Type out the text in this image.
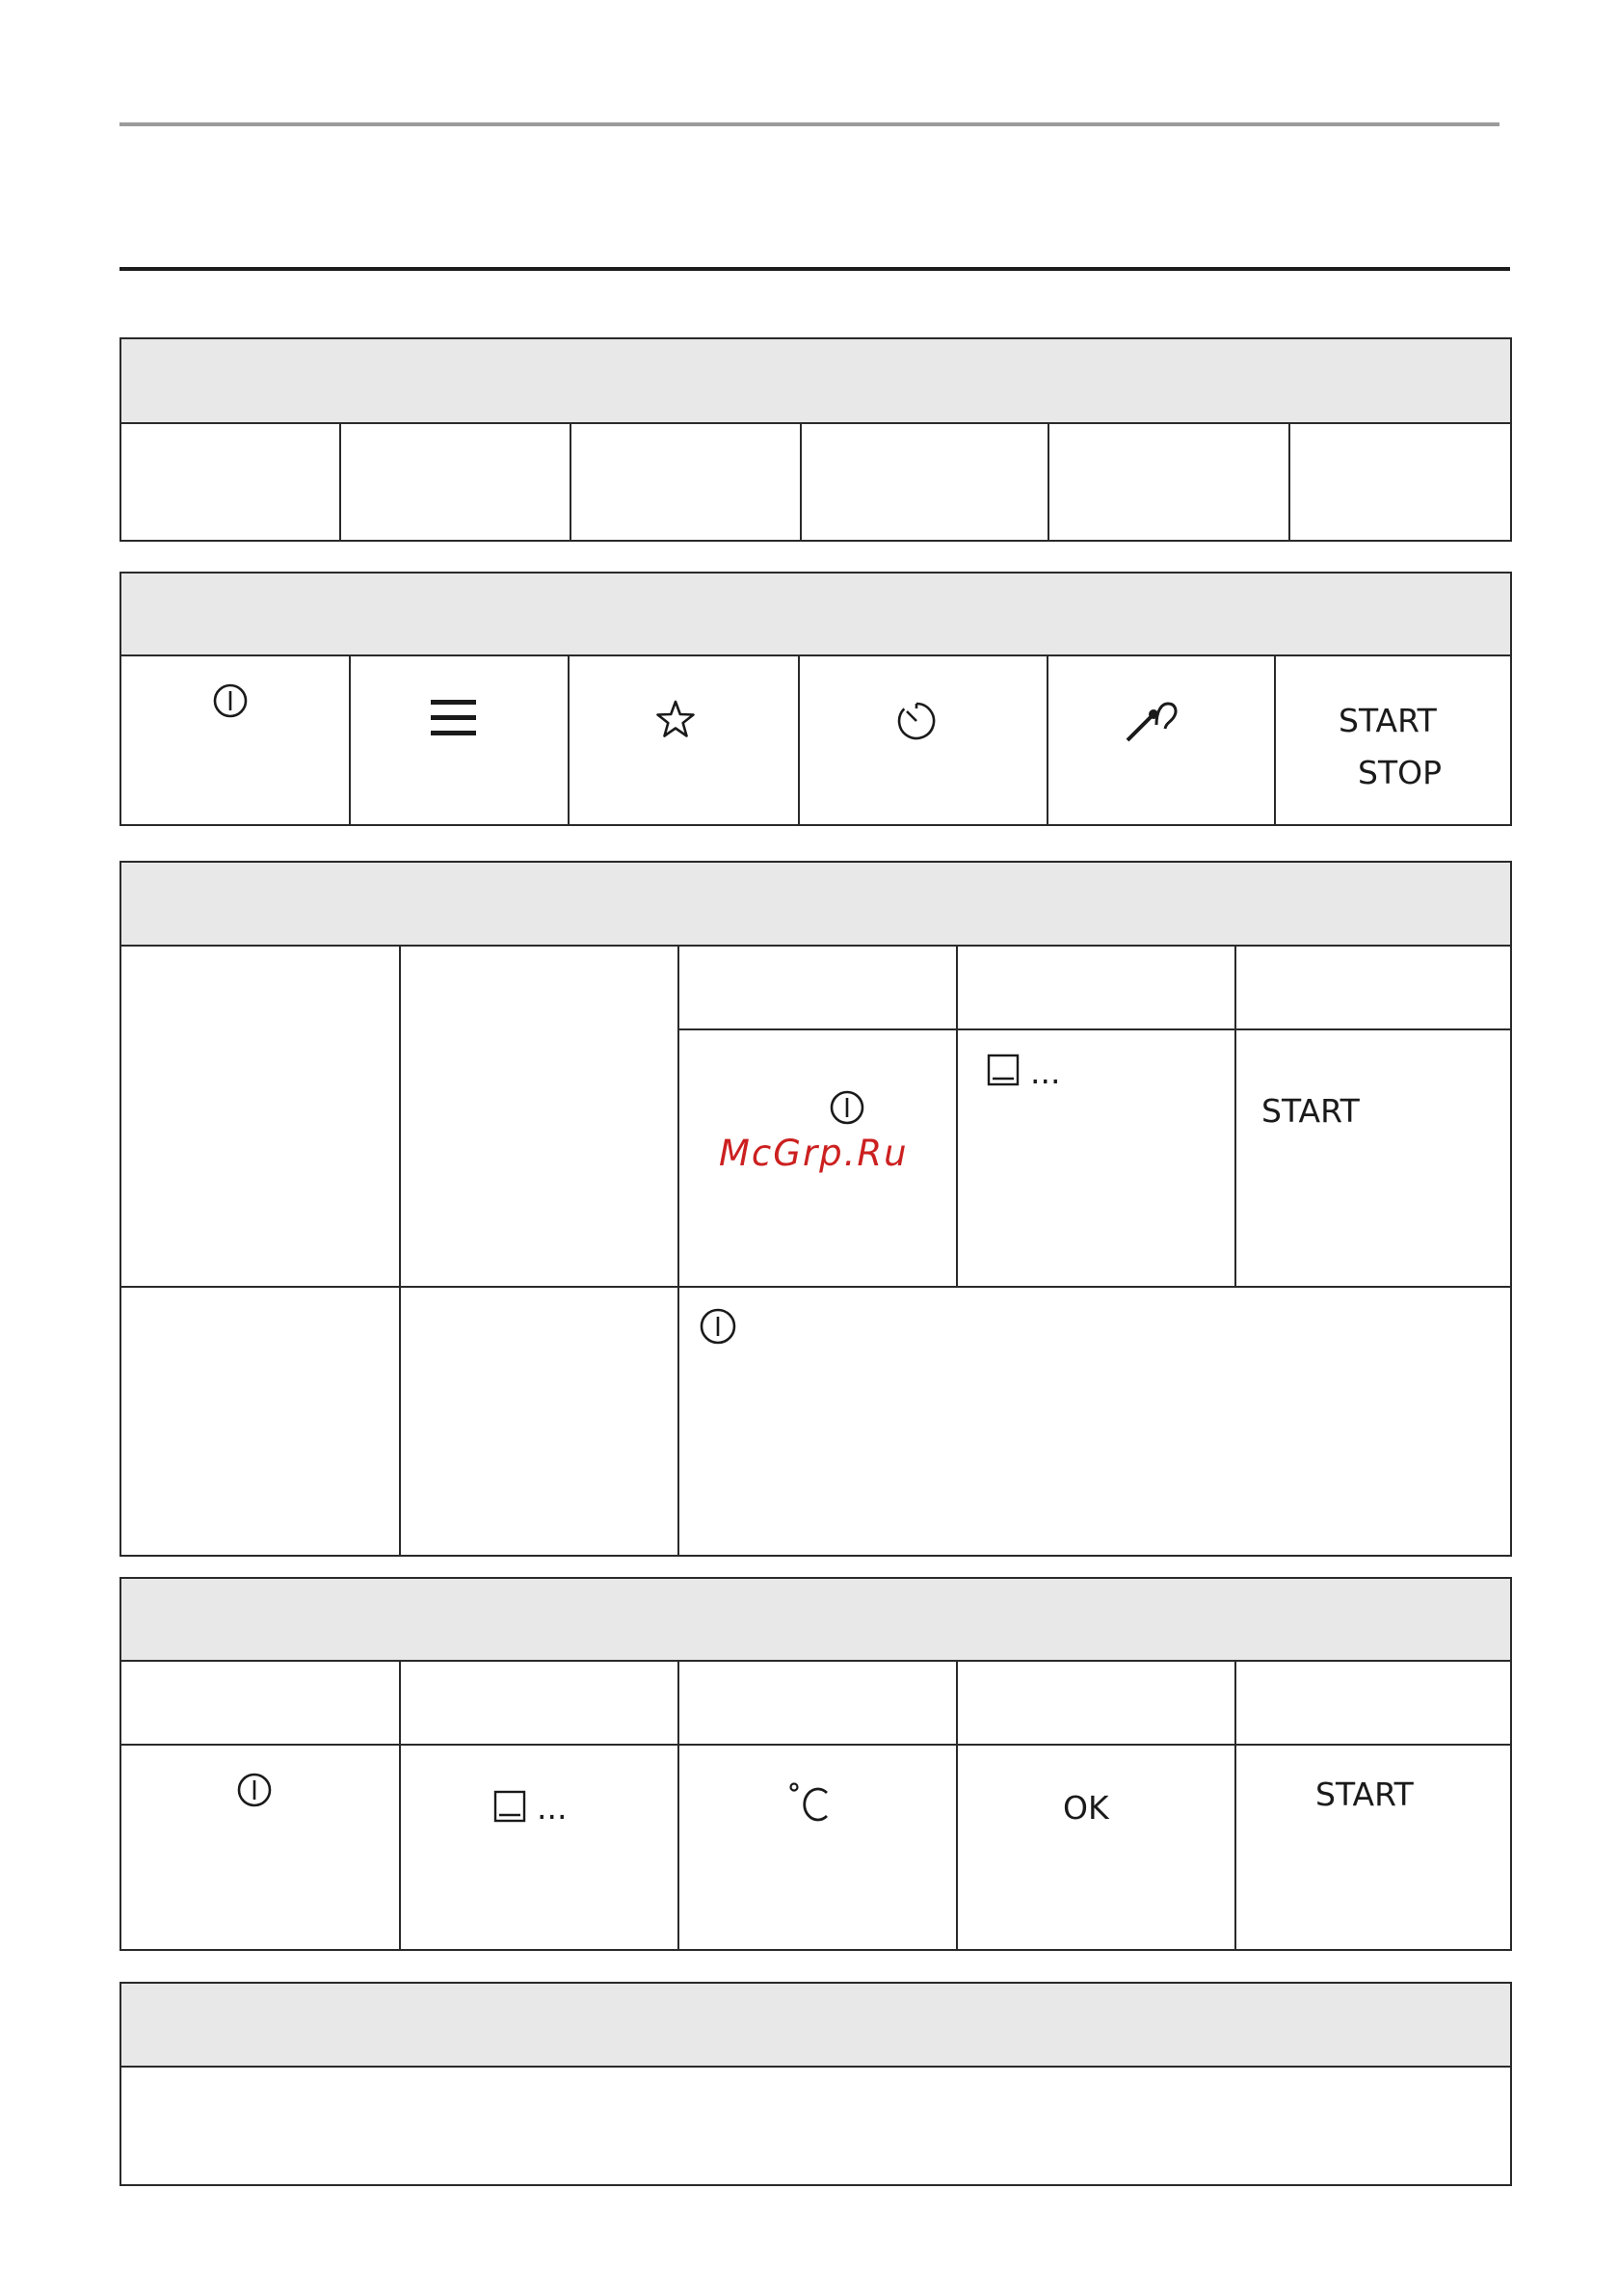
START
STOP
McGrp.Ru
...
START
...	OK	START
